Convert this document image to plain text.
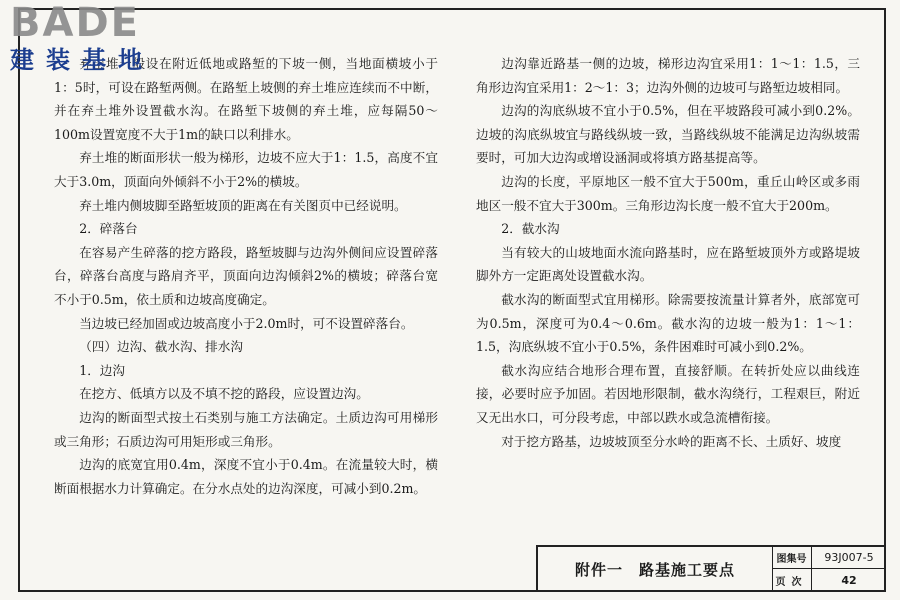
BADE
建装基地

弃土堆一般设在附近低地或路堑的下坡一侧，当地面横坡小于1：5时，可设在路堑两侧。在路堑上坡侧的弃土堆应连续而不中断，并在弃土堆外设置截水沟。在路堑下坡侧的弃土堆，应每隔50～100m设置宽度不大于1m的缺口以利排水。

弃土堆的断面形状一般为梯形，边坡不应大于1：1.5，高度不宜大于3.0m，顶面向外倾斜不小于2%的横坡。

弃土堆内侧坡脚至路堑坡顶的距离在有关图页中已经说明。

2．碎落台

在容易产生碎落的挖方路段，路堑坡脚与边沟外侧间应设置碎落台，碎落台高度与路肩齐平，顶面向边沟倾斜2%的横坡；碎落台宽不小于0.5m，依土质和边坡高度确定。

当边坡已经加固或边坡高度小于2.0m时，可不设置碎落台。

（四）边沟、截水沟、排水沟

1．边沟

在挖方、低填方以及不填不挖的路段，应设置边沟。

边沟的断面型式按土石类别与施工方法确定。土质边沟可用梯形或三角形；石质边沟可用矩形或三角形。

边沟的底宽宜用0.4m，深度不宜小于0.4m。在流量较大时，横断面根据水力计算确定。在分水点处的边沟深度，可减小到0.2m。

边沟靠近路基一侧的边坡，梯形边沟宜采用1：1～1：1.5，三角形边沟宜采用1：2～1：3；边沟外侧的边坡可与路堑边坡相同。

边沟的沟底纵坡不宜小于0.5%，但在平坡路段可减小到0.2%。边坡的沟底纵坡宜与路线纵坡一致，当路线纵坡不能满足边沟纵坡需要时，可加大边沟或增设涵洞或将填方路基提高等。

边沟的长度，平原地区一般不宜大于500m，重丘山岭区或多雨地区一般不宜大于300m。三角形边沟长度一般不宜大于200m。

2．截水沟

当有较大的山坡地面水流向路基时，应在路堑坡顶外方或路堤坡脚外方一定距离处设置截水沟。

截水沟的断面型式宜用梯形。除需要按流量计算者外，底部宽可为0.5m，深度可为0.4～0.6m。截水沟的边坡一般为1：1～1：1.5，沟底纵坡不宜小于0.5%，条件困难时可减小到0.2%。

截水沟应结合地形合理布置，直接舒顺。在转折处应以曲线连接，必要时应予加固。若因地形限制，截水沟绕行，工程艰巨，附近又无出水口，可分段考虑，中部以跌水或急流槽衔接。

对于挖方路基，边坡坡顶至分水岭的距离不长、土质好、坡度

附件一　路基施工要点
图集号	93J007-5
页次	42
